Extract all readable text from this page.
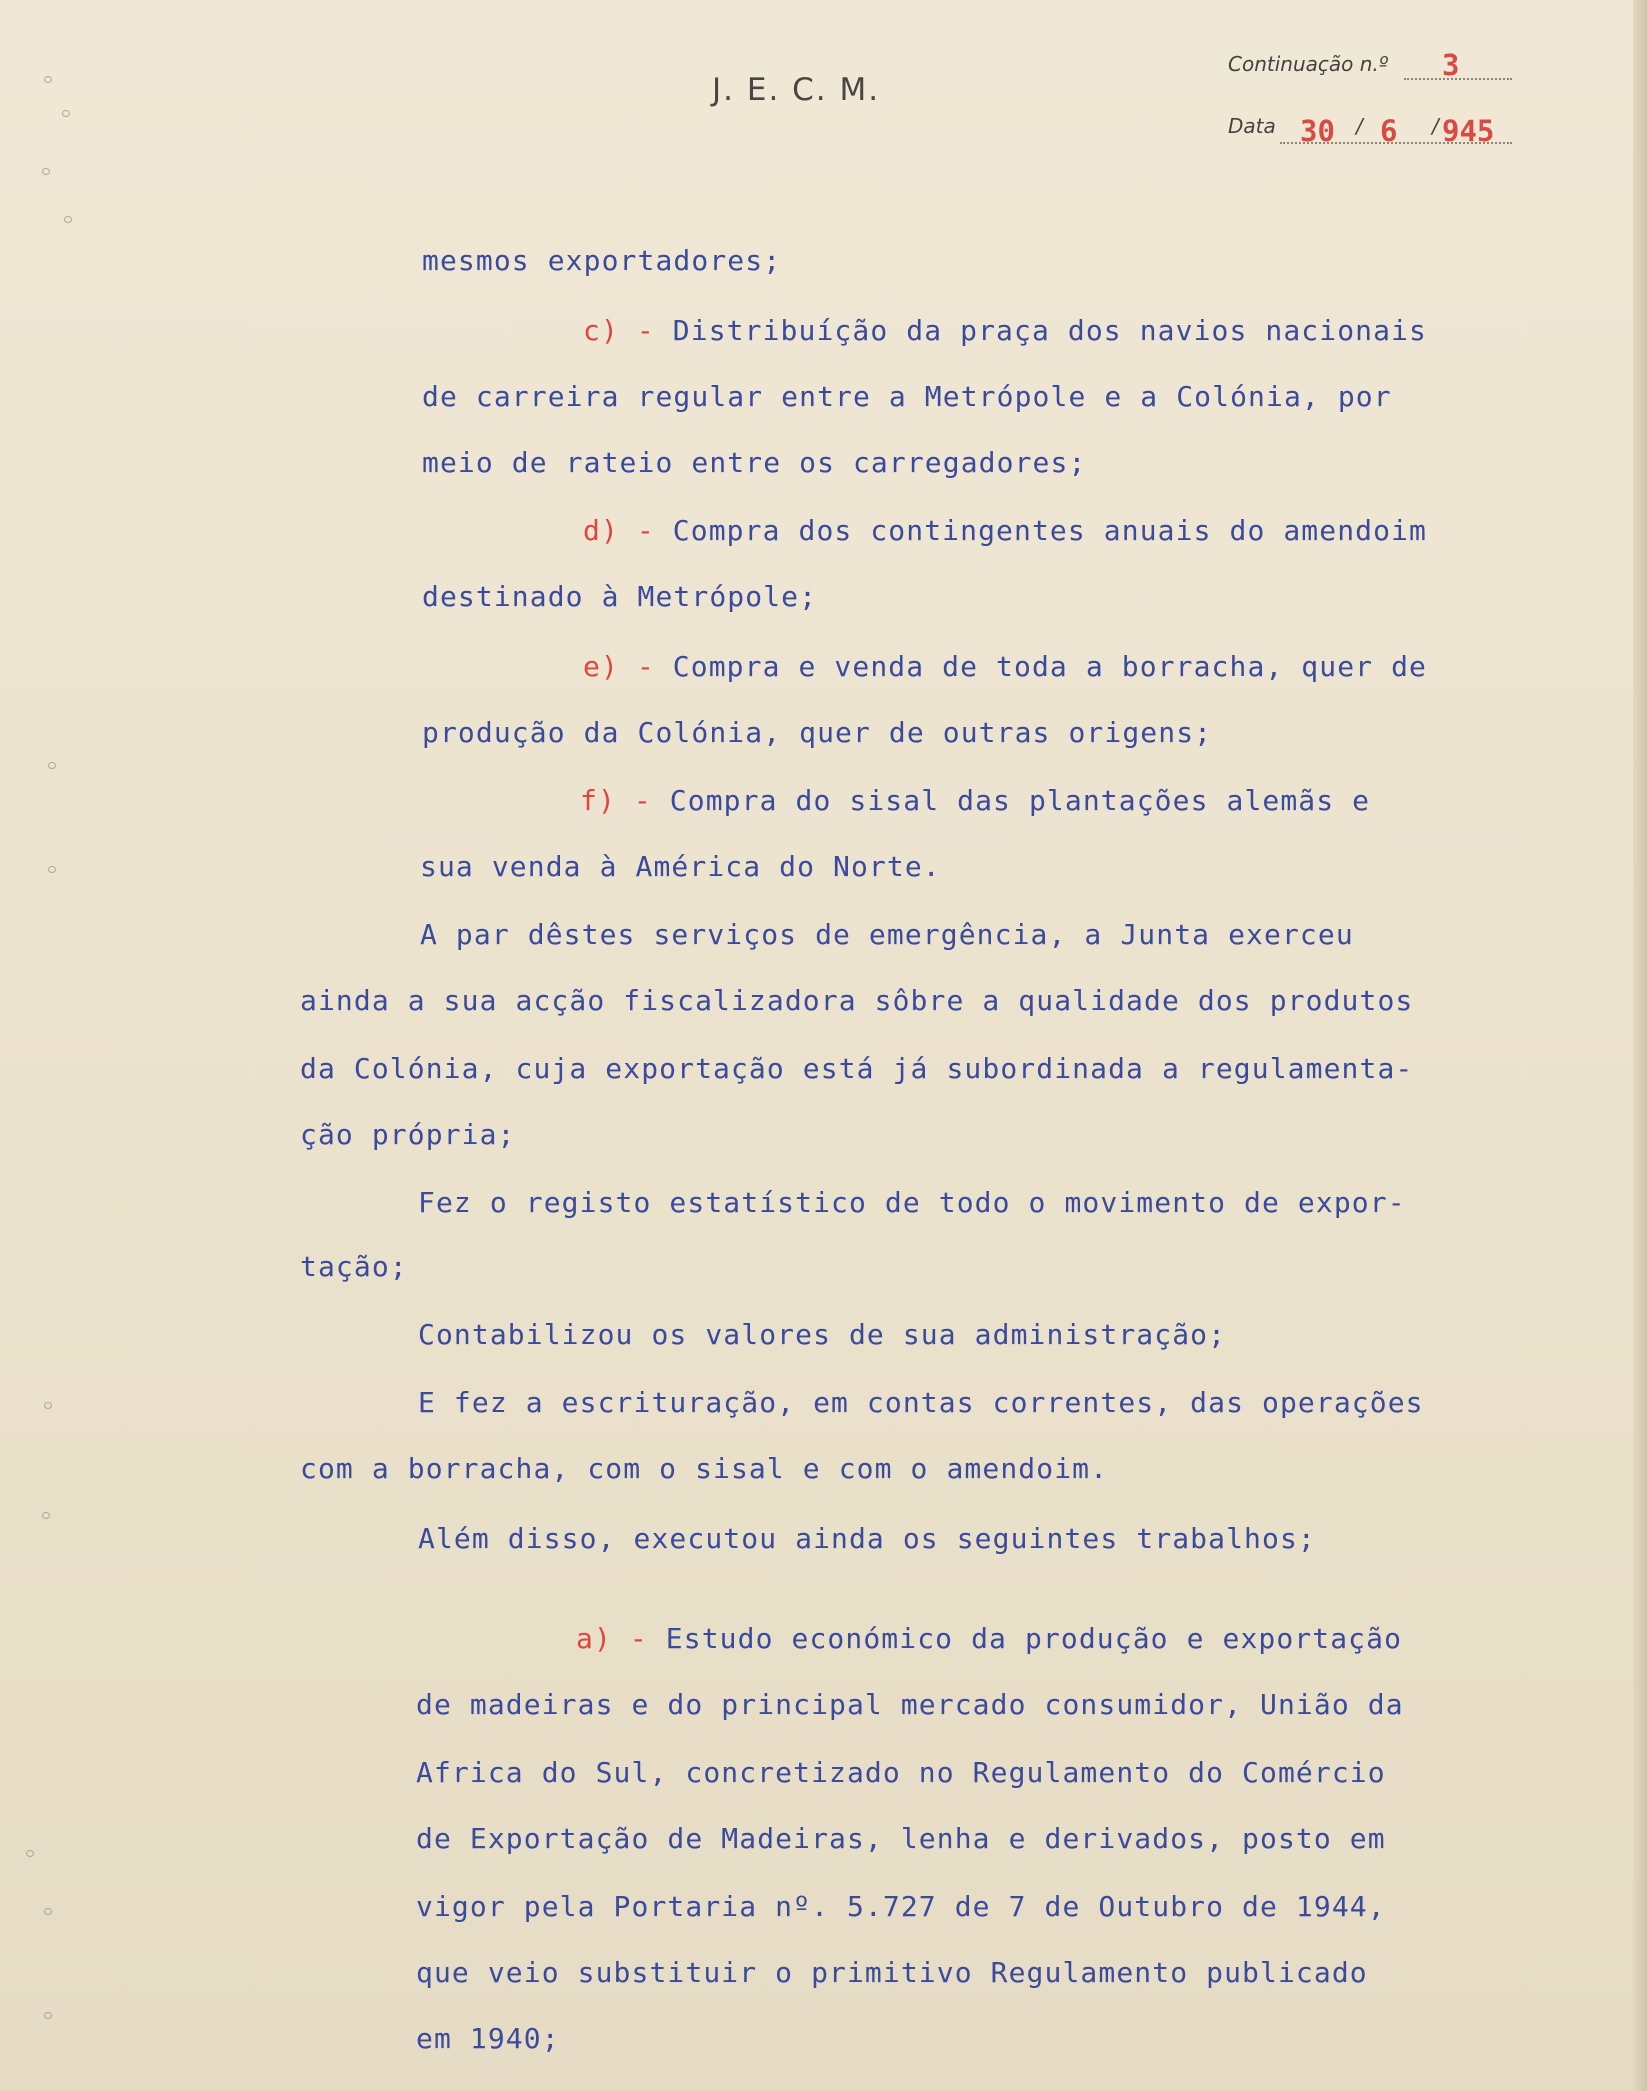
J. E. C. M.
Continuação n.º 3
Data 30 / 6 / 945
mesmos exportadores;
c) - Distribuíção da praça dos navios nacionais
de carreira regular entre a Metrópole e a Colónia, por
meio de rateio entre os carregadores;
d) - Compra dos contingentes anuais do amendoim
destinado à Metrópole;
e) - Compra e venda de toda a borracha, quer de
produção da Colónia, quer de outras origens;
f) - Compra do sisal das plantações alemãs e
sua venda à América do Norte.
A par dêstes serviços de emergência, a Junta exerceu
ainda a sua acção fiscalizadora sôbre a qualidade dos produtos
da Colónia, cuja exportação está já subordinada a regulamenta-
ção própria;
Fez o registo estatístico de todo o movimento de expor-
tação;
Contabilizou os valores de sua administração;
E fez a escrituração, em contas correntes, das operações
com a borracha, com o sisal e com o amendoim.
Além disso, executou ainda os seguintes trabalhos;
a) - Estudo económico da produção e exportação
de madeiras e do principal mercado consumidor, União da
Africa do Sul, concretizado no Regulamento do Comércio
de Exportação de Madeiras, lenha e derivados, posto em
vigor pela Portaria nº. 5.727 de 7 de Outubro de 1944,
que veio substituir o primitivo Regulamento publicado
em 1940;
